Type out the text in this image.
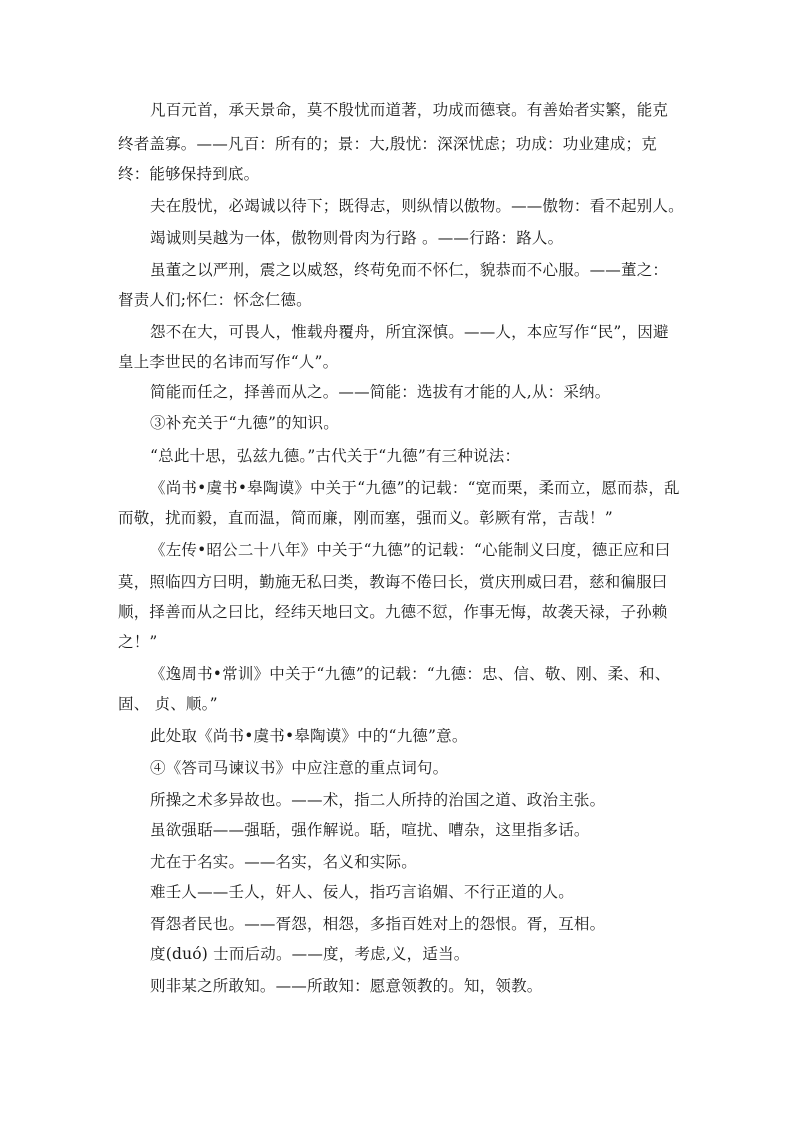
凡百元首，承天景命，莫不殷忧而道著，功成而德衰。有善始者实繁，能克
终者盖寡。——凡百：所有的；景：大,殷忧：深深忧虑；功成：功业建成；克
终：能够保持到底。
夫在殷忧，必竭诚以待下；既得志，则纵情以傲物。——傲物：看不起别人。
竭诚则吴越为一体，傲物则骨肉为行路 。——行路：路人。
虽董之以严刑，震之以威怒，终苟免而不怀仁，貌恭而不心服。——董之：
督责人们;怀仁：怀念仁德。
怨不在大，可畏人，惟载舟覆舟，所宜深慎。——人，本应写作“民”，因避
皇上李世民的名讳而写作“人”。
简能而任之，择善而从之。——简能：选拔有才能的人,从：采纳。
③补充关于“九德”的知识。
“总此十思，弘兹九德。”古代关于“九德”有三种说法：
《尚书•虞书•皋陶谟》中关于“九德”的记载：“宽而栗，柔而立，愿而恭，乱
而敬，扰而毅，直而温，简而廉，刚而塞，强而义。彰厥有常，吉哉！”
《左传•昭公二十八年》中关于“九德”的记载：“心能制义曰度，德正应和曰
莫，照临四方曰明，勤施无私曰类，教诲不倦曰长，赏庆刑威曰君，慈和徧服曰
顺，择善而从之曰比，经纬天地曰文。九德不愆，作事无悔，故袭天禄，子孙赖
之！”
《逸周书•常训》中关于“九德”的记载：“九德：忠、信、敬、刚、柔、和、
固、 贞、顺。”
此处取《尚书•虞书•皋陶谟》中的“九德”意。
④《答司马谏议书》中应注意的重点词句。
所操之术多异故也。——术，指二人所持的治国之道、政治主张。
虽欲强聒——强聒，强作解说。聒，喧扰、嘈杂，这里指多话。
尤在于名实。——名实，名义和实际。
难壬人——壬人，奸人、佞人，指巧言谄媚、不行正道的人。
胥怨者民也。——胥怨，相怨，多指百姓对上的怨恨。胥，互相。
度(duó) 士而后动。——度，考虑,义，适当。
则非某之所敢知。——所敢知：愿意领教的。知，领教。
